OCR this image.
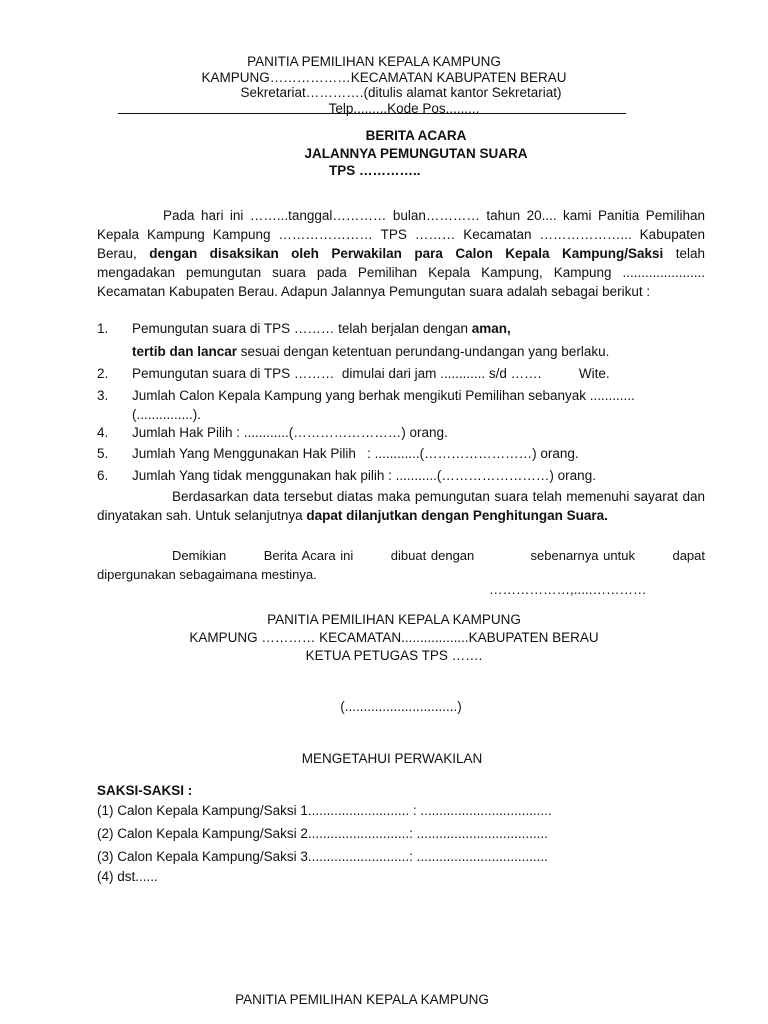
PANITIA PEMILIHAN KEPALA KAMPUNG
KAMPUNG………………KECAMATAN KABUPATEN BERAU
Sekretariat………….(ditulis alamat kantor Sekretariat)
Telp.........Kode Pos.........
BERITA ACARA
JALANNYA PEMUNGUTAN SUARA
TPS …………..
Pada hari ini ……...tanggal………… bulan………… tahun 20.... kami Panitia Pemilihan Kepala Kampung Kampung ………………… TPS ……… Kecamatan ………………... Kabupaten Berau, dengan disaksikan oleh Perwakilan para Calon Kepala Kampung/Saksi telah mengadakan pemungutan suara pada Pemilihan Kepala Kampung, Kampung ...................... Kecamatan Kabupaten Berau. Adapun Jalannya Pemungutan suara adalah sebagai berikut :
1.	Pemungutan suara di TPS ……… telah berjalan dengan aman,
tertib dan lancar sesuai dengan ketentuan perundang-undangan yang berlaku.
2.	Pemungutan suara di TPS ………  dimulai dari jam ............ s/d …….          Wite.
3.	Jumlah Calon Kepala Kampung yang berhak mengikuti Pemilihan sebanyak ............ (...............).
4.	Jumlah Hak Pilih : ............(……………………) orang.
5.	Jumlah Yang Menggunakan Hak Pilih   : ............(……………………) orang.
6.	Jumlah Yang tidak menggunakan hak pilih : ...........(……………………) orang.
Berdasarkan data tersebut diatas maka pemungutan suara telah memenuhi sayarat dan dinyatakan sah. Untuk selanjutnya dapat dilanjutkan dengan Penghitungan Suara.
Demikian        Berita Acara ini        dibuat dengan            sebenarnya untuk        dapat dipergunakan sebagaimana mestinya.
………………,.....…………
PANITIA PEMILIHAN KEPALA KAMPUNG
KAMPUNG ………… KECAMATAN..................KABUPATEN BERAU
KETUA PETUGAS TPS …….
(..............................)
MENGETAHUI PERWAKILAN
SAKSI-SAKSI :
(1) Calon Kepala Kampung/Saksi 1........................... : ...................................
(2) Calon Kepala Kampung/Saksi 2...........................: ...................................
(3) Calon Kepala Kampung/Saksi 3...........................: ...................................
(4) dst......
PANITIA PEMILIHAN KEPALA KAMPUNG
